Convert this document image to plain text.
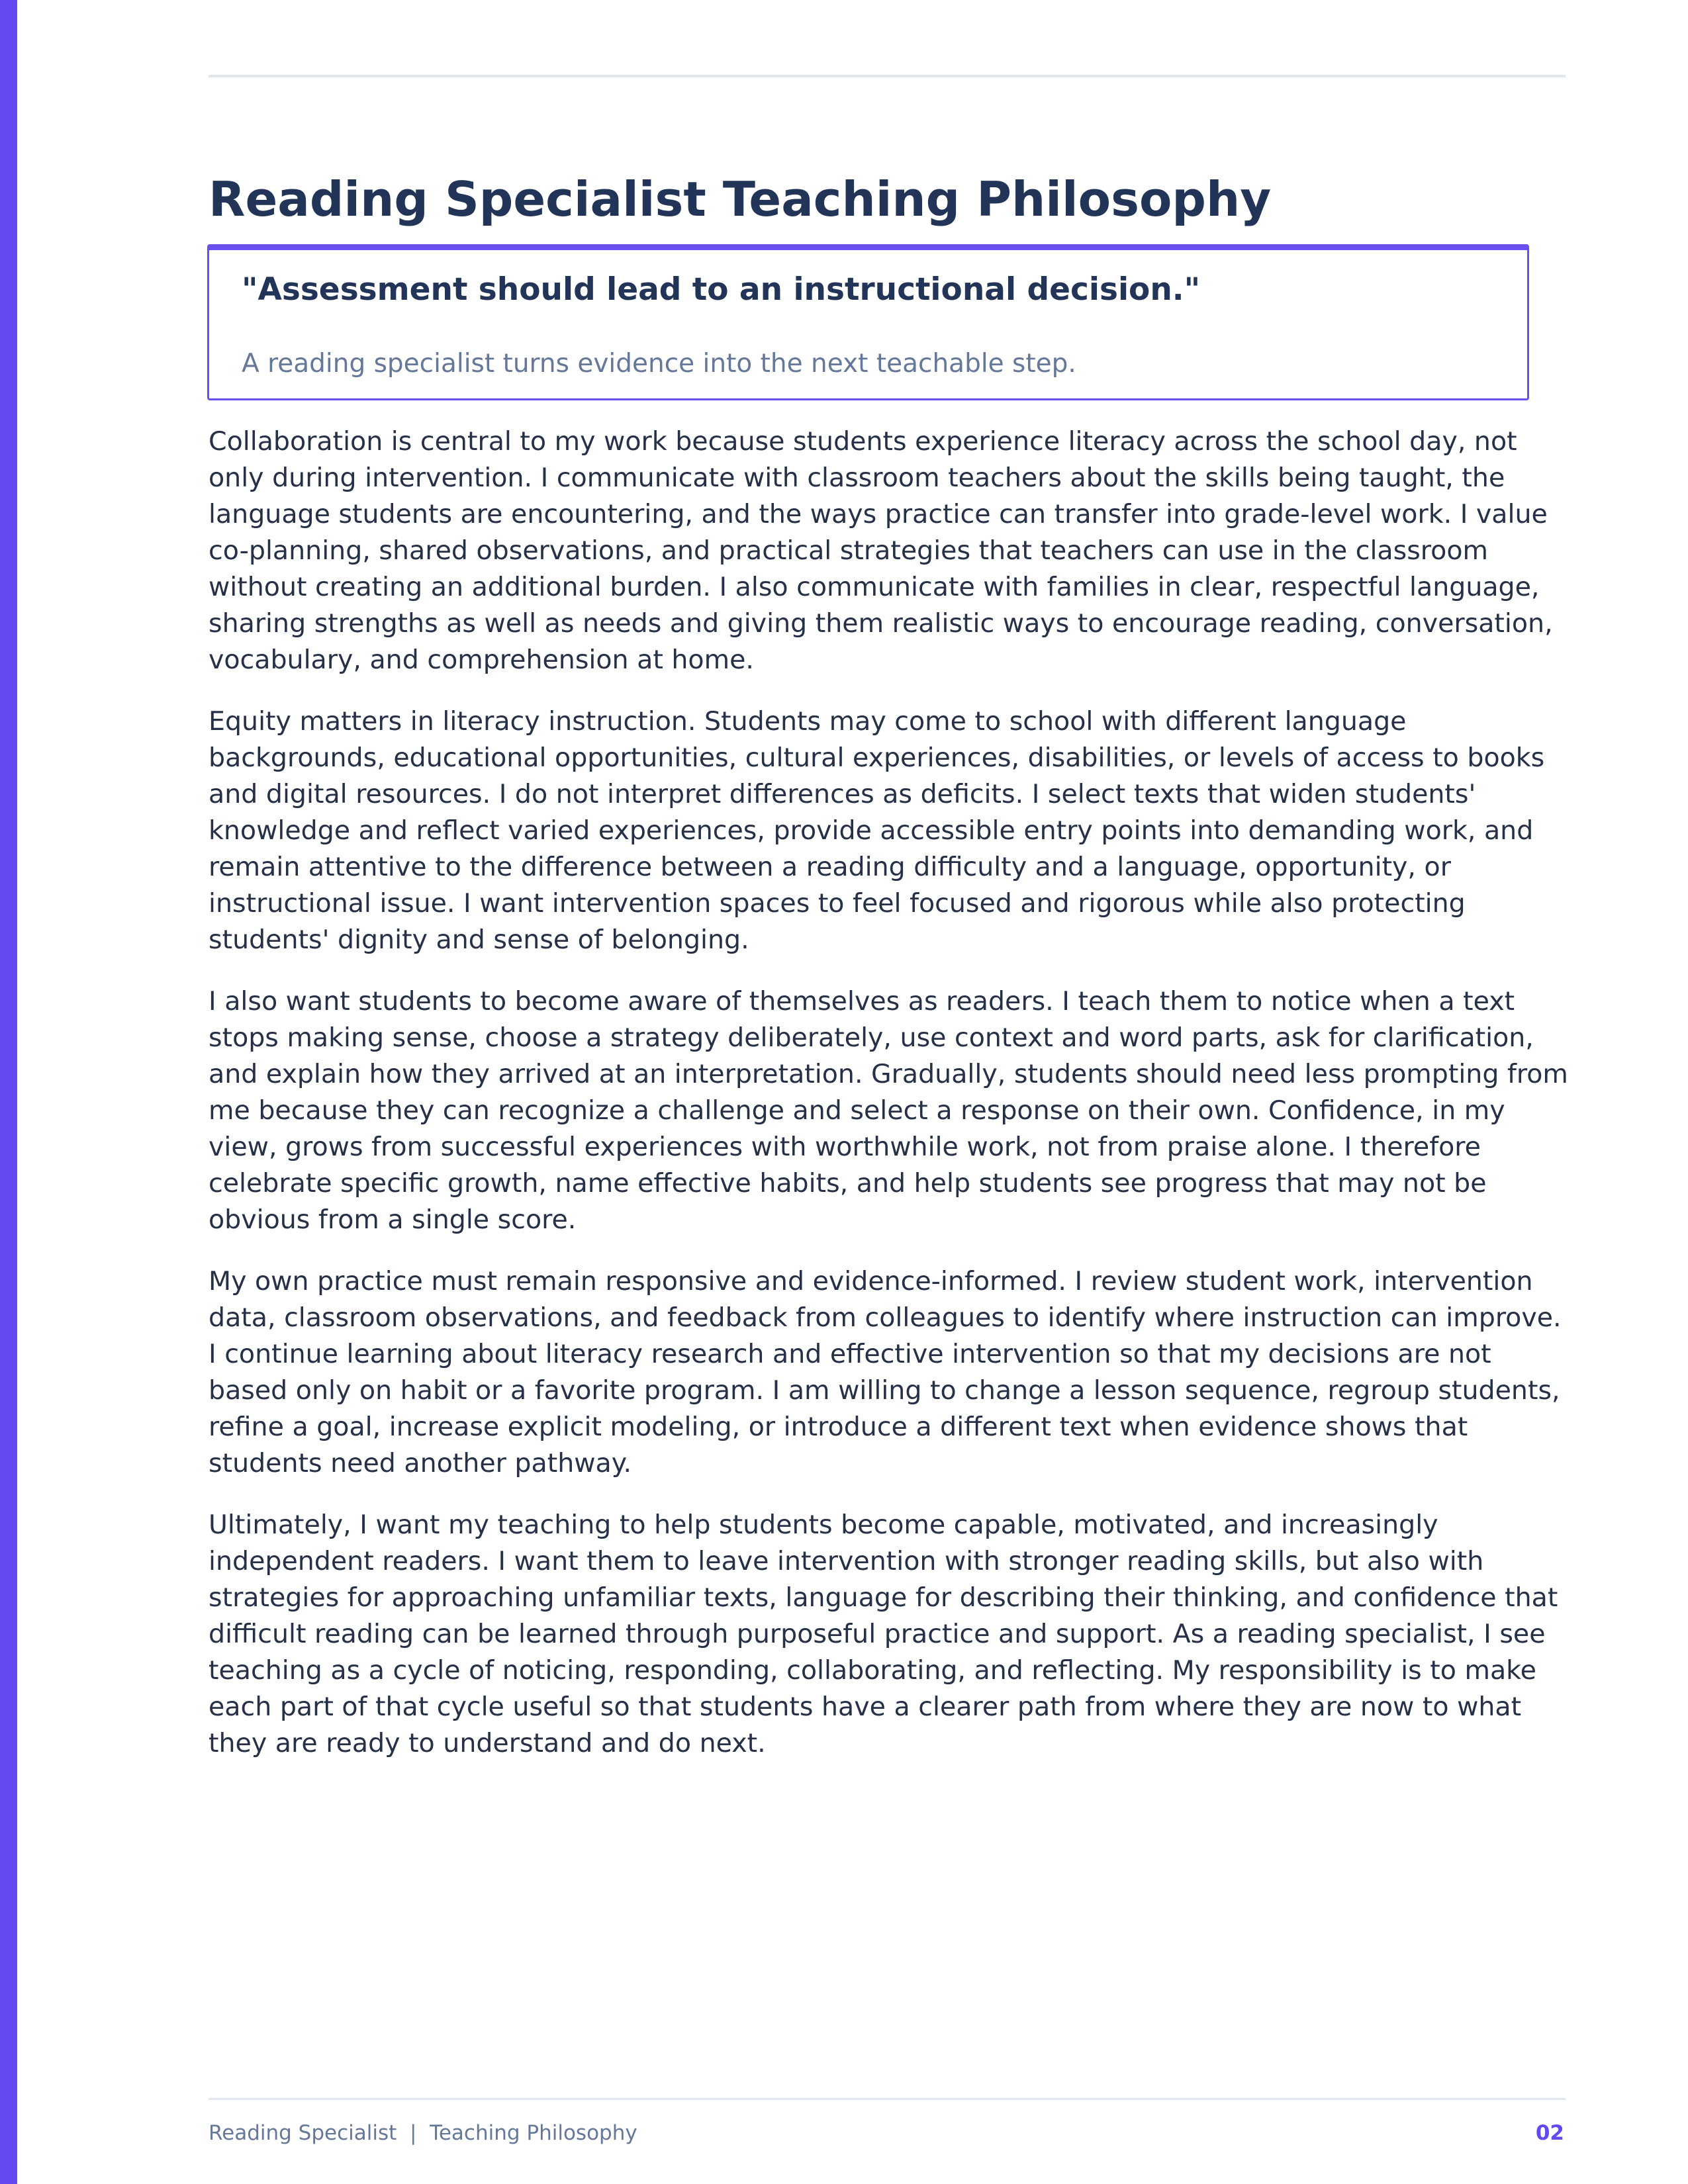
Reading Specialist Teaching Philosophy

"Assessment should lead to an instructional decision."

A reading specialist turns evidence into the next teachable step.

Collaboration is central to my work because students experience literacy across the school day, not only during intervention. I communicate with classroom teachers about the skills being taught, the language students are encountering, and the ways practice can transfer into grade-level work. I value co-planning, shared observations, and practical strategies that teachers can use in the classroom without creating an additional burden. I also communicate with families in clear, respectful language, sharing strengths as well as needs and giving them realistic ways to encourage reading, conversation, vocabulary, and comprehension at home.

Equity matters in literacy instruction. Students may come to school with different language backgrounds, educational opportunities, cultural experiences, disabilities, or levels of access to books and digital resources. I do not interpret differences as deficits. I select texts that widen students' knowledge and reflect varied experiences, provide accessible entry points into demanding work, and remain attentive to the difference between a reading difficulty and a language, opportunity, or instructional issue. I want intervention spaces to feel focused and rigorous while also protecting students' dignity and sense of belonging.

I also want students to become aware of themselves as readers. I teach them to notice when a text stops making sense, choose a strategy deliberately, use context and word parts, ask for clarification, and explain how they arrived at an interpretation. Gradually, students should need less prompting from me because they can recognize a challenge and select a response on their own. Confidence, in my view, grows from successful experiences with worthwhile work, not from praise alone. I therefore celebrate specific growth, name effective habits, and help students see progress that may not be obvious from a single score.

My own practice must remain responsive and evidence-informed. I review student work, intervention data, classroom observations, and feedback from colleagues to identify where instruction can improve. I continue learning about literacy research and effective intervention so that my decisions are not based only on habit or a favorite program. I am willing to change a lesson sequence, regroup students, refine a goal, increase explicit modeling, or introduce a different text when evidence shows that students need another pathway.

Ultimately, I want my teaching to help students become capable, motivated, and increasingly independent readers. I want them to leave intervention with stronger reading skills, but also with strategies for approaching unfamiliar texts, language for describing their thinking, and confidence that difficult reading can be learned through purposeful practice and support. As a reading specialist, I see teaching as a cycle of noticing, responding, collaborating, and reflecting. My responsibility is to make each part of that cycle useful so that students have a clearer path from where they are now to what they are ready to understand and do next.

Reading Specialist  |  Teaching Philosophy	02
